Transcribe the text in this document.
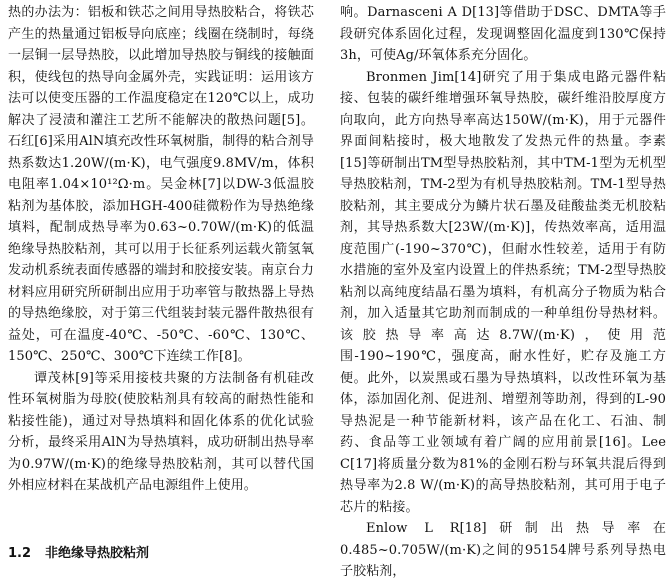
热的办法为：铝板和铁芯之间用导热胶粘合，将铁芯产生的热量通过铝板导向底座；线圈在绕制时，每绕一层铜一层导热胶，以此增加导热胶与铜线的接触面积，使线包的热导向金属外壳，实践证明：运用该方法可以使变压器的工作温度稳定在120℃以上，成功解决了浸渍和灌注工艺所不能解决的散热问题[5]。石红[6]采用AlN填充改性环氧树脂，制得的粘合剂导热系数达1.20W/(m·K)，电气强度9.8MV/m，体积电阻率1.04×10¹²Ω·m。吴金林[7]以DW-3低温胶粘剂为基体胶，添加HGH-400硅微粉作为导热绝缘填料，配制成热导率为0.63~0.70W/(m·K)的低温绝缘导热胶粘剂，其可以用于长征系列运载火箭氢氧发动机系统表面传感器的端封和胶接安装。南京台力材料应用研究所研制出应用于功率管与散热器上导热的导热绝缘胶，对于第三代组装封装元器件散热很有益处，可在温度-40℃、-50℃、-60℃、130℃、150℃、250℃、300℃下连续工作[8]。

谭茂林[9]等采用接枝共聚的方法制备有机硅改性环氧树脂为母胶(使胶粘剂具有较高的耐热性能和粘接性能)，通过对导热填料和固化体系的优化试验分析，最终采用AlN为导热填料，成功研制出热导率为0.97W/(m·K)的绝缘导热胶粘剂，其可以替代国外相应材料在某战机产品电源组件上使用。

1.2 非绝缘导热胶粘剂

响。Darnasceni A D[13]等借助于DSC、DMTA等手段研究体系固化过程，发现调整固化温度到130℃保持3h，可使Ag/环氧体系充分固化。

Bronmen Jim[14]研究了用于集成电路元器件粘接、包装的碳纤维增强环氧导热胶，碳纤维沿胶厚度方向取向，此方向热导率高达150W/(m·K)，用于元器件界面间粘接时，极大地散发了发热元件的热量。李素[15]等研制出TM型导热胶粘剂，其中TM-1型为无机型导热胶粘剂，TM-2型为有机导热胶粘剂。TM-1型导热胶粘剂，其主要成分为鳞片状石墨及硅酸盐类无机胶粘剂，其导热系数大[23W/(m·K)]，传热效率高，适用温度范围广(-190~370℃)，但耐水性较差，适用于有防水措施的室外及室内设置上的伴热系统；TM-2型导热胶粘剂以高纯度结晶石墨为填料，有机高分子物质为粘合剂，加入适量其它助剂而制成的一种单组份导热材料。该胶热导率高达8.7W/(m·K)，使用范围-190~190℃，强度高，耐水性好，贮存及施工方便。此外，以炭黑或石墨为导热填料，以改性环氧为基体，添加固化剂、促进剂、增塑剂等助剂，得到的L-90导热泥是一种节能新材料，该产品在化工、石油、制药、食品等工业领域有着广阔的应用前景[16]。Lee C[17]将质量分数为81%的金刚石粉与环氧共混后得到热导率为2.8 W/(m·K)的高导热胶粘剂，其可用于电子芯片的粘接。

Enlow L R[18]研制出热导率在0.485~0.705W/(m·K)之间的95154牌号系列导热电子胶粘剂，
